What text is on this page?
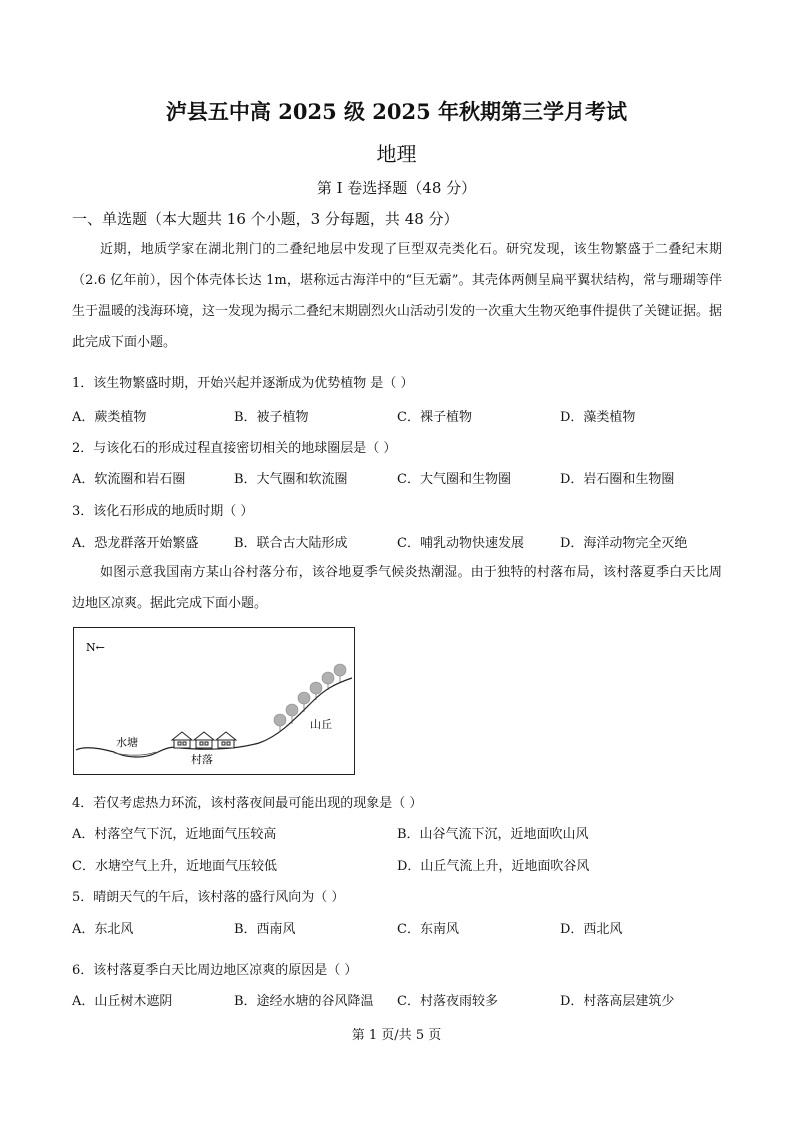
泸县五中高 2025 级 2025 年秋期第三学月考试
地理
第 I 卷选择题（48 分）
一、单选题（本大题共 16 个小题，3 分每题，共 48 分）

近期，地质学家在湖北荆门的二叠纪地层中发现了巨型双壳类化石。研究发现，该生物繁盛于二叠纪末期（2.6 亿年前），因个体壳体长达 1m，堪称远古海洋中的“巨无霸”。其壳体两侧呈扁平翼状结构，常与珊瑚等伴生于温暖的浅海环境，这一发现为揭示二叠纪末期剧烈火山活动引发的一次重大生物灭绝事件提供了关键证据。据此完成下面小题。

1．该生物繁盛时期，开始兴起并逐渐成为优势植物 是（ ）
A．蕨类植物	B．被子植物	C．裸子植物	D．藻类植物
2．与该化石的形成过程直接密切相关的地球圈层是（ ）
A．软流圈和岩石圈	B．大气圈和软流圈	C．大气圈和生物圈	D．岩石圈和生物圈
3．该化石形成的地质时期（ ）
A．恐龙群落开始繁盛	B．联合古大陆形成	C．哺乳动物快速发展	D．海洋动物完全灭绝

如图示意我国南方某山谷村落分布，该谷地夏季气候炎热潮湿。由于独特的村落布局，该村落夏季白天比周边地区凉爽。据此完成下面小题。

N←
水塘
村落
山丘
4．若仅考虑热力环流，该村落夜间最可能出现的现象是（ ）
A．村落空气下沉，近地面气压较高	B．山谷气流下沉，近地面吹山风
C．水塘空气上升，近地面气压较低	D．山丘气流上升，近地面吹谷风
5．晴朗天气的午后，该村落的盛行风向为（ ）
A．东北风	B．西南风	C．东南风	D．西北风
6．该村落夏季白天比周边地区凉爽的原因是（ ）
A．山丘树木遮阴	B．途经水塘的谷风降温 C．村落夜雨较多	D．村落高层建筑少
第 1 页/共 5 页
